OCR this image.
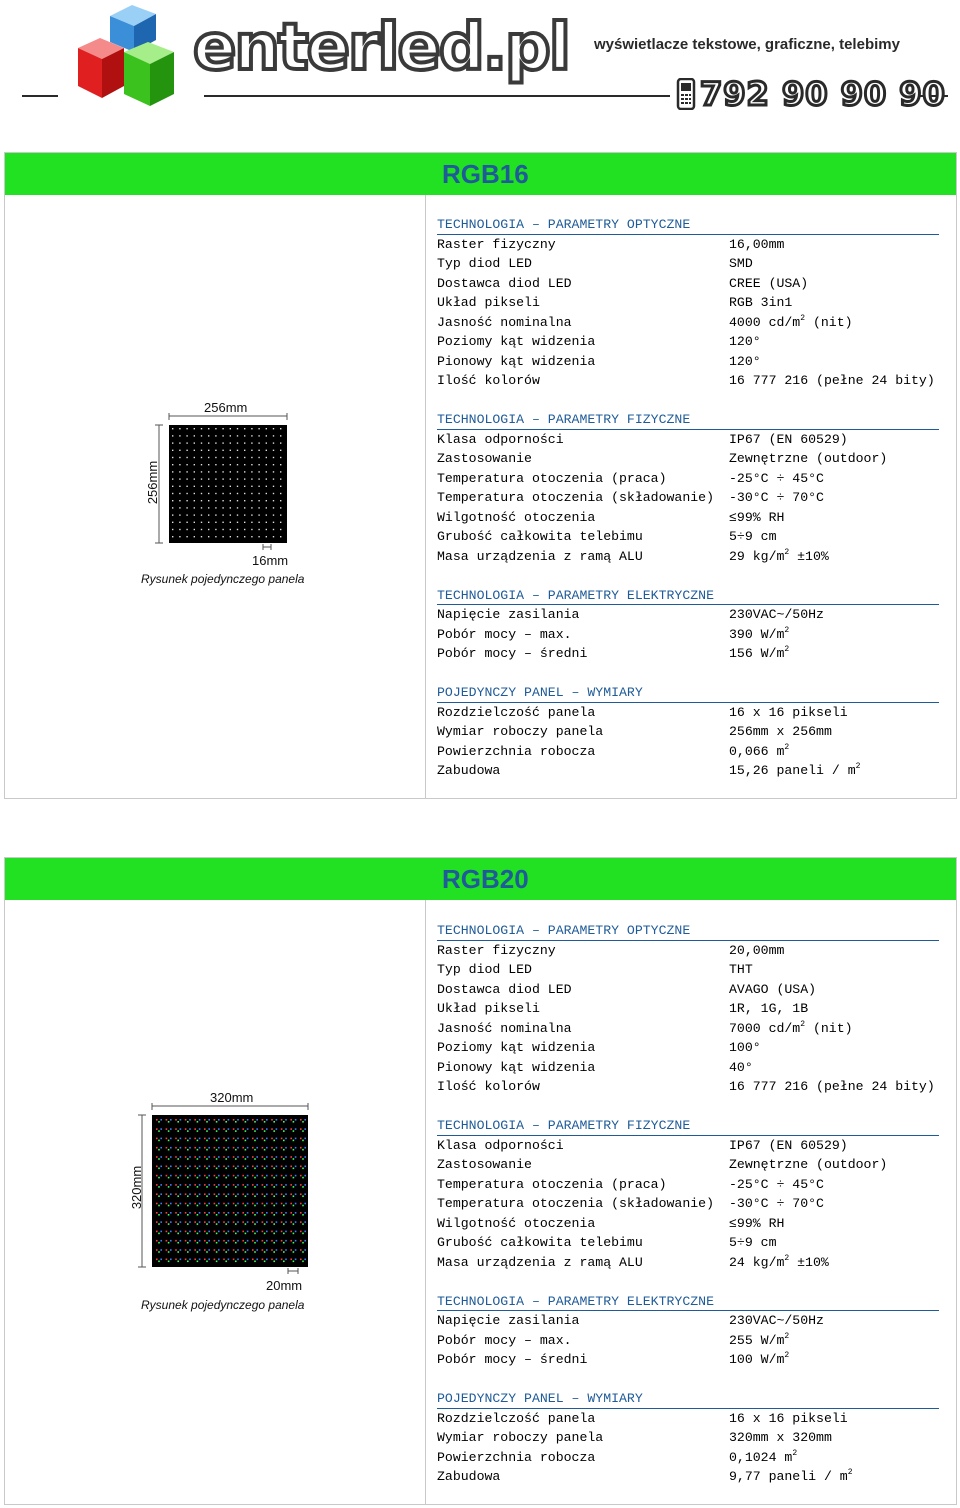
enterled.pl wyświetlacze tekstowe, graficzne, telebimy
792 90 90 90
RGB16
256mm
256mm
16mm
Rysunek pojedynczego panela
TECHNOLOGIA – PARAMETRY OPTYCZNE
Raster fizyczny	16,00mm
Typ diod LED	SMD
Dostawca diod LED	CREE (USA)
Układ pikseli	RGB 3in1
Jasność nominalna	4000 $cd/m^2$ (nit)
Poziomy kąt widzenia	120°
Pionowy kąt widzenia	120°
Ilość kolorów	16 777 216 (pełne 24 bity)
TECHNOLOGIA – PARAMETRY FIZYCZNE
Klasa odporności	IP67 (EN 60529)
Zastosowanie	Zewnętrzne (outdoor)
Temperatura otoczenia (praca)	-25°C ÷ 45°C
Temperatura otoczenia (składowanie) -30°C ÷ 70°C
Wilgotność otoczenia	≤99% RH
Grubość całkowita telebimu	5÷9 cm
Masa urządzenia z ramą ALU	29 $kg/m^2 \pm 10\%$
TECHNOLOGIA – PARAMETRY ELEKTRYCZNE
Napięcie zasilania	230VAC~/50Hz
Pobór mocy – max.	390 $W/m^2$
Pobór mocy – średni	156 $W/m^2$
POJEDYNCZY PANEL – WYMIARY
Rozdzielczość panela	16 x 16 pikseli
Wymiar roboczy panela	256mm x 256mm
Powierzchnia robocza	0,066 $m^2$
Zabudowa	15,26 paneli / $m^2$
RGB20
320mm
320mm
20mm
Rysunek pojedynczego panela
TECHNOLOGIA – PARAMETRY OPTYCZNE
Raster fizyczny	20,00mm
Typ diod LED	THT
Dostawca diod LED	AVAGO (USA)
Układ pikseli	1R, 1G, 1B
Jasność nominalna	7000 $cd/m^2$ (nit)
Poziomy kąt widzenia	100°
Pionowy kąt widzenia	40°
Ilość kolorów	16 777 216 (pełne 24 bity)
TECHNOLOGIA – PARAMETRY FIZYCZNE
Klasa odporności	IP67 (EN 60529)
Zastosowanie	Zewnętrzne (outdoor)
Temperatura otoczenia (praca)	-25°C ÷ 45°C
Temperatura otoczenia (składowanie) -30°C ÷ 70°C
Wilgotność otoczenia	≤99% RH
Grubość całkowita telebimu	5÷9 cm
Masa urządzenia z ramą ALU	24 $kg/m^2 \pm 10\%$
TECHNOLOGIA – PARAMETRY ELEKTRYCZNE
Napięcie zasilania	230VAC~/50Hz
Pobór mocy – max.	255 $W/m^2$
Pobór mocy – średni	100 $W/m^2$
POJEDYNCZY PANEL – WYMIARY
Rozdzielczość panela	16 x 16 pikseli
Wymiar roboczy panela	320mm x 320mm
Powierzchnia robocza	0,1024 $m^2$
Zabudowa	9,77 paneli / $m^2$
